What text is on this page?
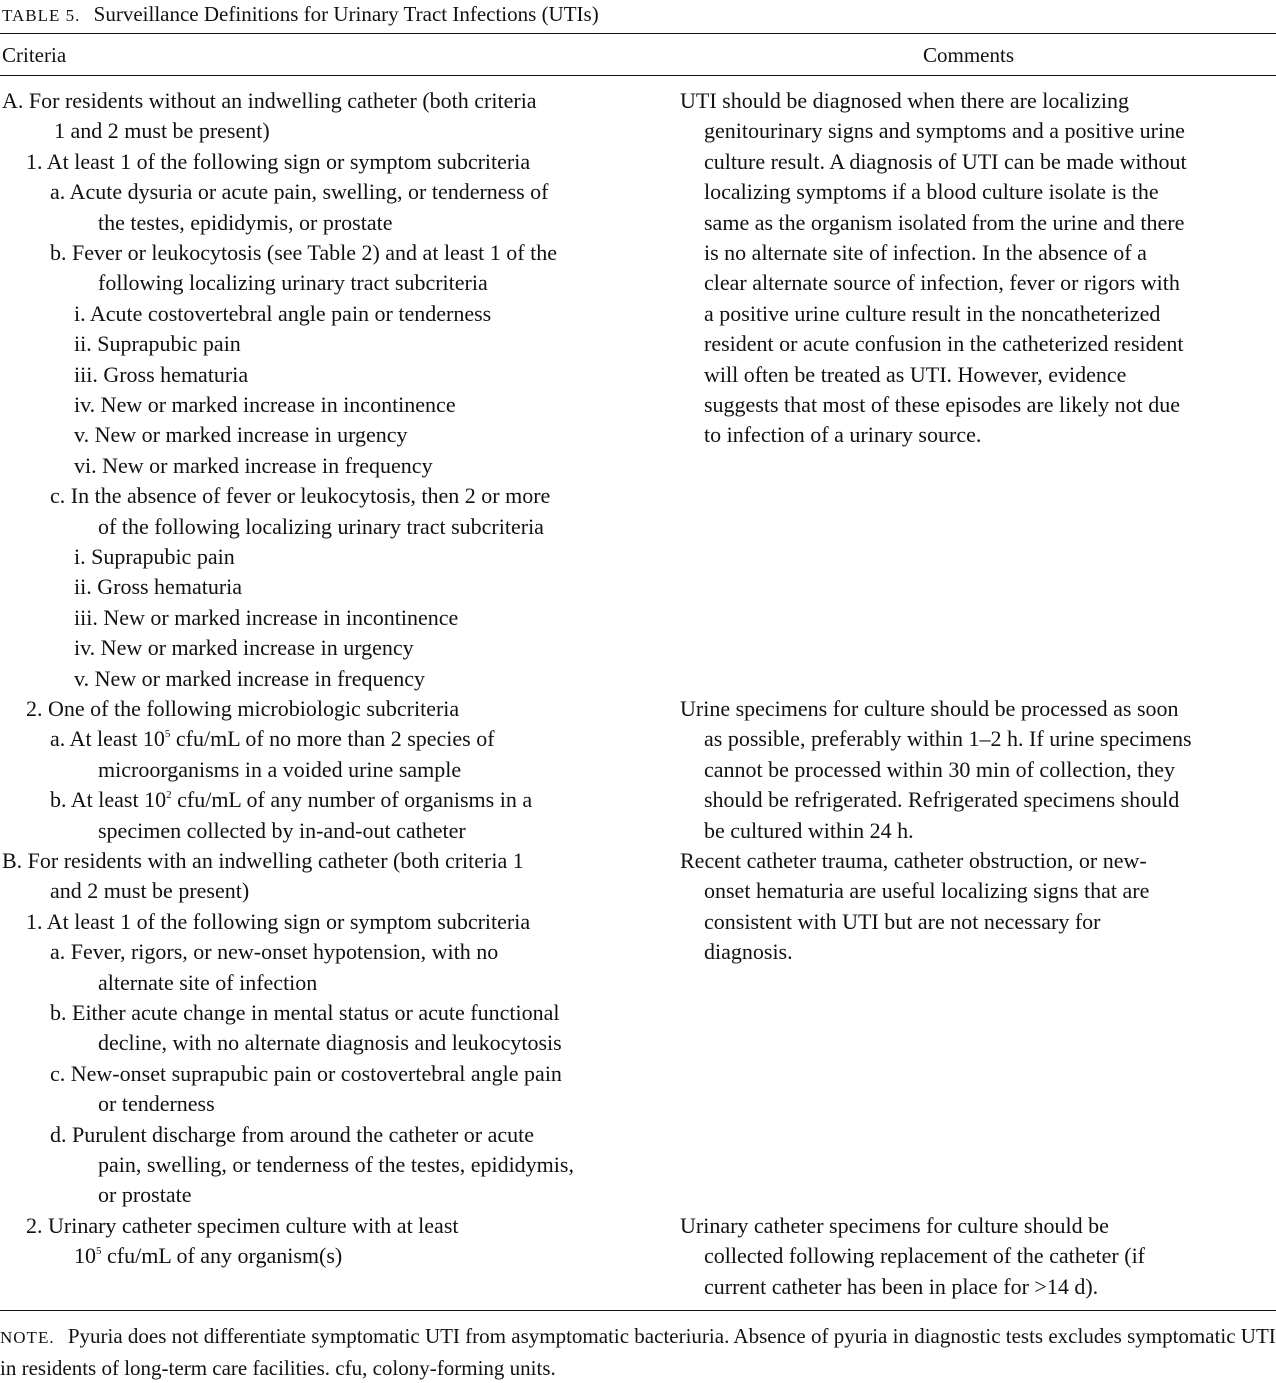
TABLE 5. Surveillance Definitions for Urinary Tract Infections (UTIs)
Criteria	Comments
A. For residents without an indwelling catheter (both criteria
1 and 2 must be present)
1. At least 1 of the following sign or symptom subcriteria
a. Acute dysuria or acute pain, swelling, or tenderness of
the testes, epididymis, or prostate
b. Fever or leukocytosis (see Table 2) and at least 1 of the
following localizing urinary tract subcriteria
i. Acute costovertebral angle pain or tenderness
ii. Suprapubic pain
iii. Gross hematuria
iv. New or marked increase in incontinence
v. New or marked increase in urgency
vi. New or marked increase in frequency
c. In the absence of fever or leukocytosis, then 2 or more
of the following localizing urinary tract subcriteria
i. Suprapubic pain
ii. Gross hematuria
iii. New or marked increase in incontinence
iv. New or marked increase in urgency
v. New or marked increase in frequency
2. One of the following microbiologic subcriteria
a. At least $10^5$ cfu/mL of no more than 2 species of
microorganisms in a voided urine sample
b. At least $10^2$ cfu/mL of any number of organisms in a
specimen collected by in-and-out catheter
B. For residents with an indwelling catheter (both criteria 1
and 2 must be present)
1. At least 1 of the following sign or symptom subcriteria
a. Fever, rigors, or new-onset hypotension, with no
alternate site of infection
b. Either acute change in mental status or acute functional
decline, with no alternate diagnosis and leukocytosis
c. New-onset suprapubic pain or costovertebral angle pain
or tenderness
d. Purulent discharge from around the catheter or acute
pain, swelling, or tenderness of the testes, epididymis,
or prostate
2. Urinary catheter specimen culture with at least
$10^5$ cfu/mL of any organism(s)
UTI should be diagnosed when there are localizing
genitourinary signs and symptoms and a positive urine
culture result. A diagnosis of UTI can be made without
localizing symptoms if a blood culture isolate is the
same as the organism isolated from the urine and there
is no alternate site of infection. In the absence of a
clear alternate source of infection, fever or rigors with
a positive urine culture result in the noncatheterized
resident or acute confusion in the catheterized resident
will often be treated as UTI. However, evidence
suggests that most of these episodes are likely not due
to infection of a urinary source.
Urine specimens for culture should be processed as soon
as possible, preferably within 1–2 h. If urine specimens
cannot be processed within 30 min of collection, they
should be refrigerated. Refrigerated specimens should
be cultured within 24 h.
Recent catheter trauma, catheter obstruction, or new-
onset hematuria are useful localizing signs that are
consistent with UTI but are not necessary for
diagnosis.
Urinary catheter specimens for culture should be
collected following replacement of the catheter (if
current catheter has been in place for >14 d).
NOTE. Pyuria does not differentiate symptomatic UTI from asymptomatic bacteriuria. Absence of pyuria in diagnostic tests excludes symptomatic UTI in residents of long-term care facilities. cfu, colony-forming units.
